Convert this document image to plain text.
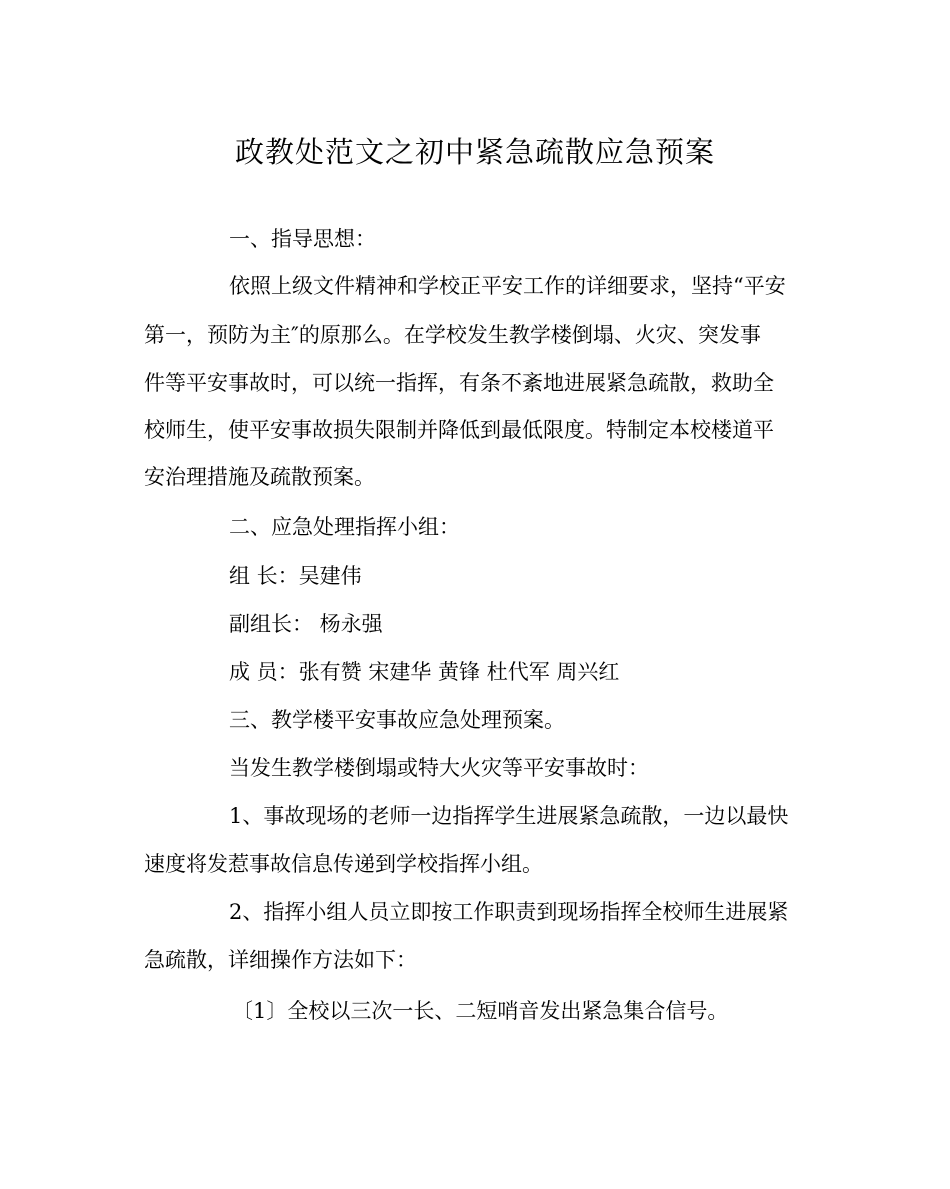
政教处范文之初中紧急疏散应急预案
一、指导思想：
依照上级文件精神和学校正平安工作的详细要求，坚持“平安
第一，预防为主″的原那么。在学校发生教学楼倒塌、火灾、突发事
件等平安事故时，可以统一指挥，有条不紊地进展紧急疏散，救助全
校师生，使平安事故损失限制并降低到最低限度。特制定本校楼道平
安治理措施及疏散预案。
二、应急处理指挥小组：
组 长：吴建伟
副组长： 杨永强
成 员：张有赞 宋建华 黄锋 杜代军 周兴红
三、教学楼平安事故应急处理预案。
当发生教学楼倒塌或特大火灾等平安事故时：
1、事故现场的老师一边指挥学生进展紧急疏散，一边以最快
速度将发惹事故信息传递到学校指挥小组。
2、指挥小组人员立即按工作职责到现场指挥全校师生进展紧
急疏散，详细操作方法如下：
〔1〕全校以三次一长、二短哨音发出紧急集合信号。
